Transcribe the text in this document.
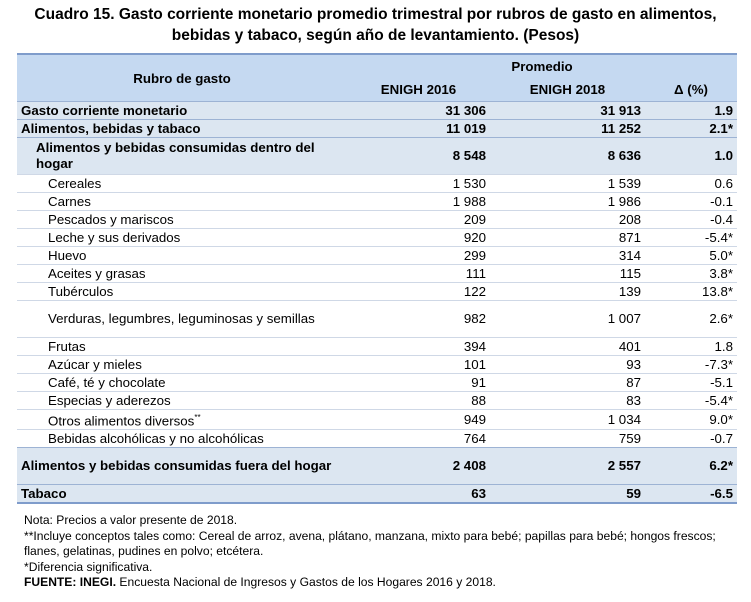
Cuadro 15. Gasto corriente monetario promedio trimestral por rubros de gasto en alimentos,
bebidas y tabaco, según año de levantamiento. (Pesos)
Rubro de gasto	Promedio		
	ENIGH 2016	ENIGH 2018	Δ (%)
Gasto corriente monetario	31 306	31 913	1.9
Alimentos, bebidas y tabaco	11 019	11 252	2.1*
Alimentos y bebidas consumidas dentro del hogar	8 548	8 636	1.0
Cereales	1 530	1 539	0.6
Carnes	1 988	1 986	-0.1
Pescados y mariscos	209	208	-0.4
Leche y sus derivados	920	871	-5.4*
Huevo	299	314	5.0*
Aceites y grasas	111	115	3.8*
Tubérculos	122	139	13.8*
Verduras, legumbres, leguminosas y semillas	982	1 007	2.6*
Frutas	394	401	1.8
Azúcar y mieles	101	93	-7.3*
Café, té y chocolate	91	87	-5.1
Especias y aderezos	88	83	-5.4*
Otros alimentos diversos**	949	1 034	9.0*
Bebidas alcohólicas y no alcohólicas	764	759	-0.7
Alimentos y bebidas consumidas fuera del hogar	2 408	2 557	6.2*
Tabaco	63	59	-6.5
Nota: Precios a valor presente de 2018.
**Incluye conceptos tales como: Cereal de arroz, avena, plátano, manzana, mixto para bebé; papillas para bebé; hongos frescos; flanes, gelatinas, pudines en polvo; etcétera.
*Diferencia significativa.
FUENTE: INEGI. Encuesta Nacional de Ingresos y Gastos de los Hogares 2016 y 2018.
